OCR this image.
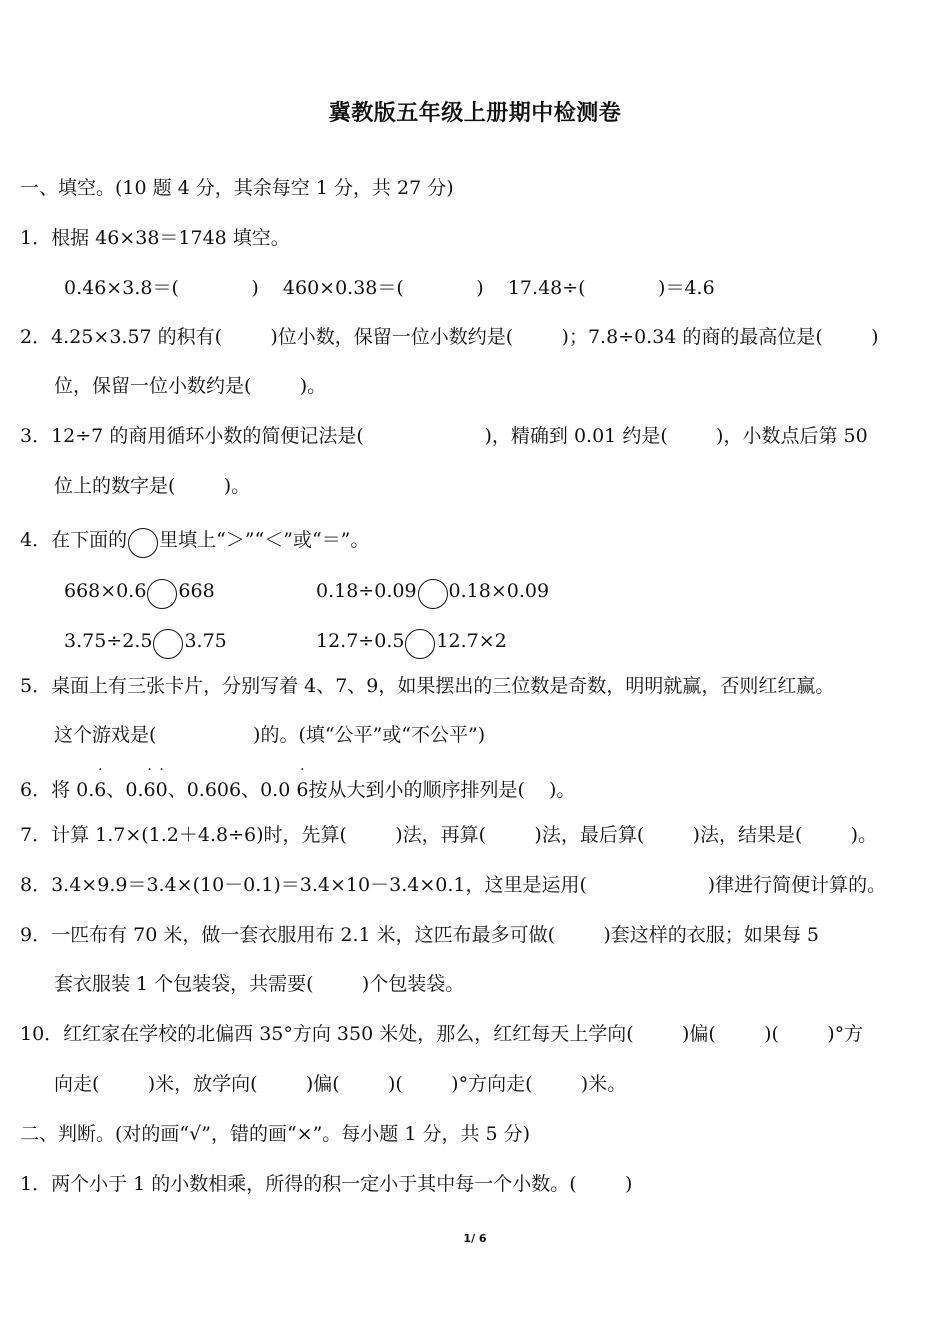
冀教版五年级上册期中检测卷
一、填空。(10 题 4 分，其余每空 1 分，共 27 分)
1．根据 46×38＝1748 填空。
0.46×3.8＝(            )    460×0.38＝(            )    17.48÷(            )＝4.6
2．4.25×3.57 的积有(        )位小数，保留一位小数约是(        )；7.8÷0.34 的商的最高位是(        )
位，保留一位小数约是(        )。
3．12÷7 的商用循环小数的简便记法是(                    )，精确到 0.01 约是(        )，小数点后第 50
位上的数字是(        )。
4．在下面的 里填上“＞”“＜”或“＝”。
668×0.6 668	0.18÷0.09 0.18×0.09
3.75÷2.5 3.75	12.7÷0.5 12.7×2
5．桌面上有三张卡片，分别写着 4、7、9，如果摆出的三位数是奇数，明明就赢，否则红红赢。
这个游戏是(                )的。(填“公平”或“不公平”)
6．将 0.· 6、0.· 6· 0、0.606、0.0 · 6按从大到小的顺序排列是(    )。
7．计算 1.7×(1.2＋4.8÷6)时，先算(        )法，再算(        )法，最后算(        )法，结果是(        )。
8．3.4×9.9＝3.4×(10－0.1)＝3.4×10－3.4×0.1，这里是运用(                    )律进行简便计算的。
9．一匹布有 70 米，做一套衣服用布 2.1 米，这匹布最多可做(        )套这样的衣服；如果每 5
套衣服装 1 个包装袋，共需要(        )个包装袋。
10．红红家在学校的北偏西 35°方向 350 米处，那么，红红每天上学向(        )偏(        )(        )°方
向走(        )米，放学向(        )偏(        )(        )°方向走(        )米。
二、判断。(对的画“√”，错的画“×”。每小题 1 分，共 5 分)
1．两个小于 1 的小数相乘，所得的积一定小于其中每一个小数。(        )
1/ 6
